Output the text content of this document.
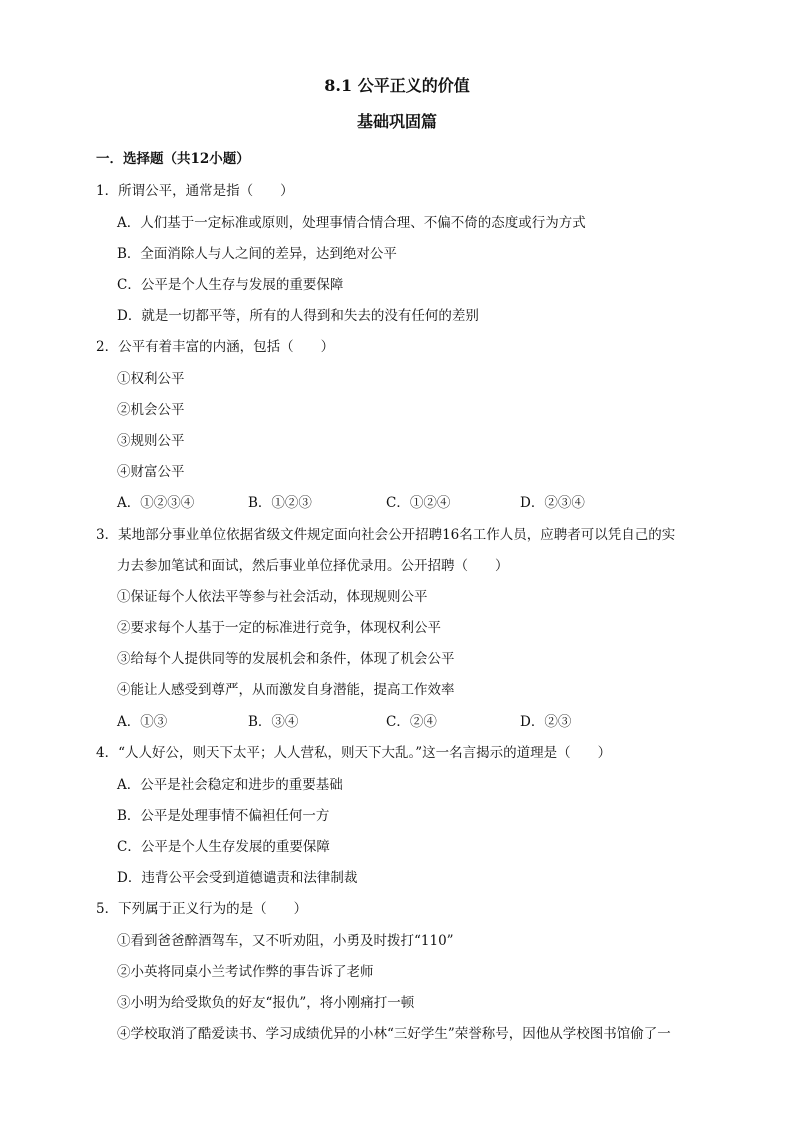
8.1 公平正义的价值
基础巩固篇
一．选择题（共12小题）
1．所谓公平，通常是指（　　）
A．人们基于一定标准或原则，处理事情合情合理、不偏不倚的态度或行为方式
B．全面消除人与人之间的差异，达到绝对公平
C．公平是个人生存与发展的重要保障
D．就是一切都平等，所有的人得到和失去的没有任何的差别
2．公平有着丰富的内涵，包括（　　）
①权利公平
②机会公平
③规则公平
④财富公平
A．①②③④	B．①②③	C．①②④	D．②③④
3．某地部分事业单位依据省级文件规定面向社会公开招聘16名工作人员，应聘者可以凭自己的实
力去参加笔试和面试，然后事业单位择优录用。公开招聘（　　）
①保证每个人依法平等参与社会活动，体现规则公平
②要求每个人基于一定的标准进行竞争，体现权利公平
③给每个人提供同等的发展机会和条件，体现了机会公平
④能让人感受到尊严，从而激发自身潜能，提高工作效率
A．①③	B．③④	C．②④	D．②③
4．“人人好公，则天下太平；人人营私，则天下大乱。”这一名言揭示的道理是（　　）
A．公平是社会稳定和进步的重要基础
B．公平是处理事情不偏袒任何一方
C．公平是个人生存发展的重要保障
D．违背公平会受到道德谴责和法律制裁
5．下列属于正义行为的是（　　）
①看到爸爸醉酒驾车，又不听劝阻，小勇及时拨打“110”
②小英将同桌小兰考试作弊的事告诉了老师
③小明为给受欺负的好友“报仇”，将小刚痛打一顿
④学校取消了酷爱读书、学习成绩优异的小林“三好学生”荣誉称号，因他从学校图书馆偷了一
